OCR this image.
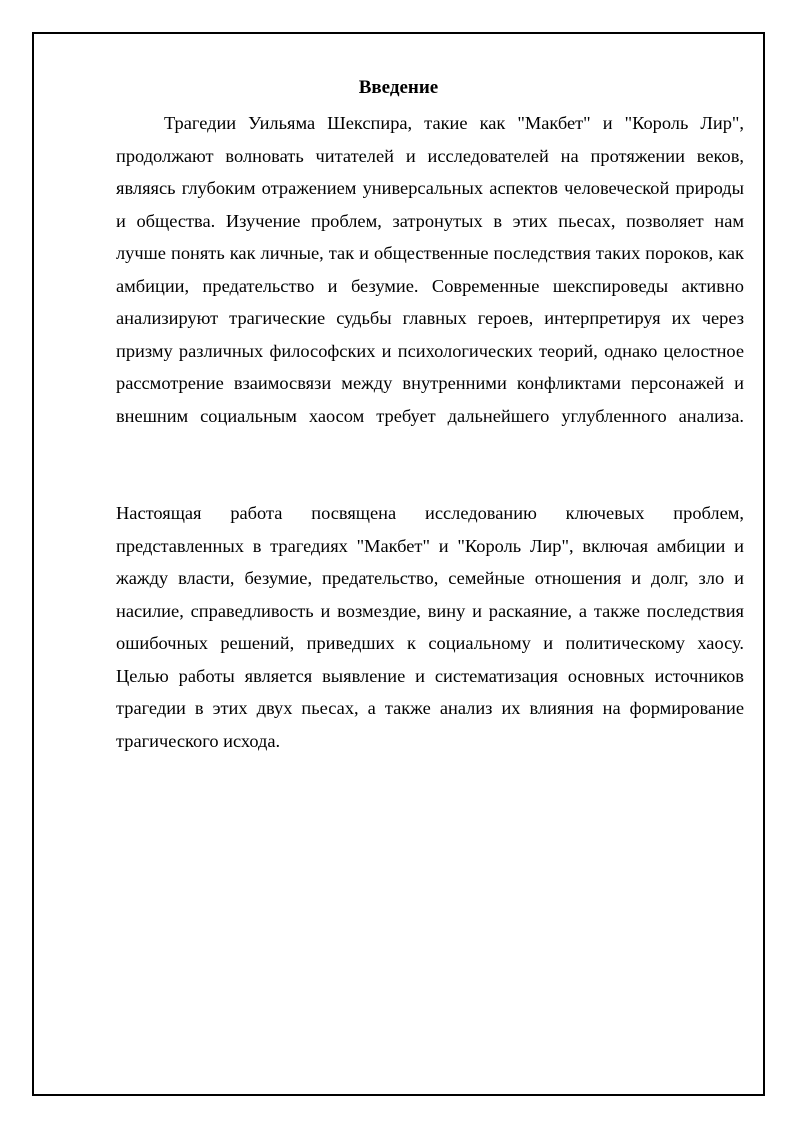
Введение

Трагедии Уильяма Шекспира, такие как "Макбет" и "Король Лир", продолжают волновать читателей и исследователей на протяжении веков, являясь глубоким отражением универсальных аспектов человеческой природы и общества. Изучение проблем, затронутых в этих пьесах, позволяет нам лучше понять как личные, так и общественные последствия таких пороков, как амбиции, предательство и безумие. Современные шекспироведы активно анализируют трагические судьбы главных героев, интерпретируя их через призму различных философских и психологических теорий, однако целостное рассмотрение взаимосвязи между внутренними конфликтами персонажей и внешним социальным хаосом требует дальнейшего углубленного анализа.

Настоящая работа посвящена исследованию ключевых проблем, представленных в трагедиях "Макбет" и "Король Лир", включая амбиции и жажду власти, безумие, предательство, семейные отношения и долг, зло и насилие, справедливость и возмездие, вину и раскаяние, а также последствия ошибочных решений, приведших к социальному и политическому хаосу. Целью работы является выявление и систематизация основных источников трагедии в этих двух пьесах, а также анализ их влияния на формирование трагического исхода.
